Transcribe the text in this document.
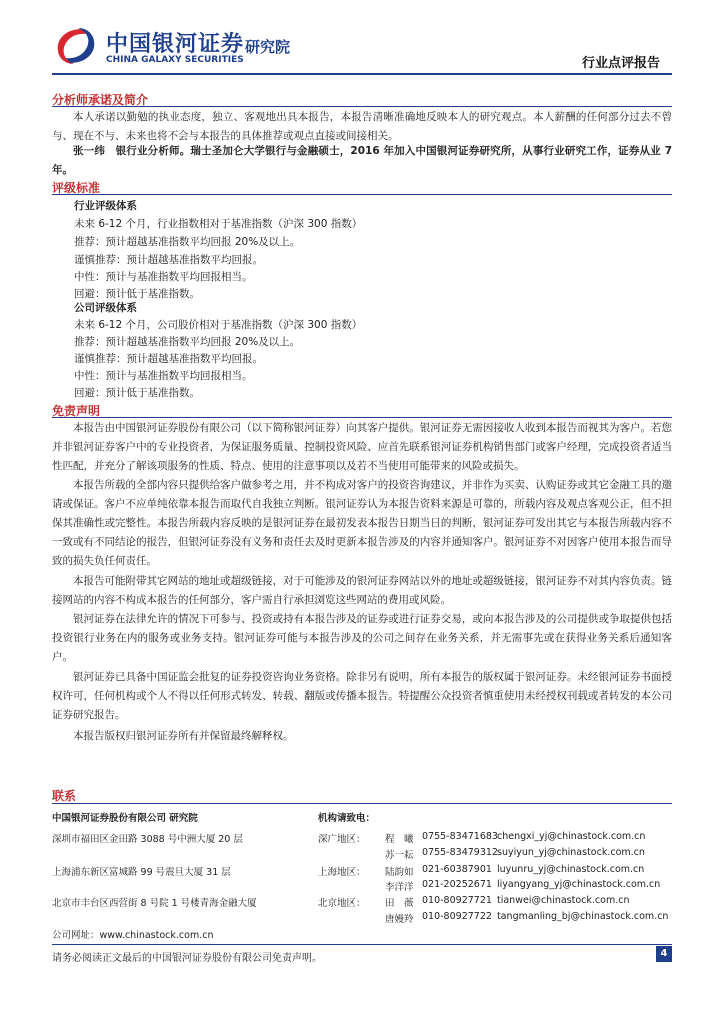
中国银河证券
CHINA GALAXY SECURITIES
研究院
行业点评报告
分析师承诺及简介
本人承诺以勤勉的执业态度，独立、客观地出具本报告，本报告清晰准确地反映本人的研究观点。本人薪酬的任何部分过去不曾与、现在不与、未来也将不会与本报告的具体推荐或观点直接或间接相关。
张一纬　银行业分析师。瑞士圣加仑大学银行与金融硕士，2016 年加入中国银河证券研究所，从事行业研究工作，证券从业 7 年。
评级标准
行业评级体系
未来 6-12 个月，行业指数相对于基准指数（沪深 300 指数）
推荐：预计超越基准指数平均回报 20%及以上。
谨慎推荐：预计超越基准指数平均回报。
中性：预计与基准指数平均回报相当。
回避：预计低于基准指数。
公司评级体系
未来 6-12 个月，公司股价相对于基准指数（沪深 300 指数）
推荐：预计超越基准指数平均回报 20%及以上。
谨慎推荐：预计超越基准指数平均回报。
中性：预计与基准指数平均回报相当。
回避：预计低于基准指数。
免责声明
本报告由中国银河证券股份有限公司（以下简称银河证券）向其客户提供。银河证券无需因接收人收到本报告而视其为客户。若您并非银河证券客户中的专业投资者，为保证服务质量、控制投资风险、应首先联系银河证券机构销售部门或客户经理，完成投资者适当性匹配，并充分了解该项服务的性质、特点、使用的注意事项以及若不当使用可能带来的风险或损失。
本报告所载的全部内容只提供给客户做参考之用，并不构成对客户的投资咨询建议，并非作为买卖、认购证券或其它金融工具的邀请或保证。客户不应单纯依靠本报告而取代自我独立判断。银河证券认为本报告资料来源是可靠的，所载内容及观点客观公正，但不担保其准确性或完整性。本报告所载内容反映的是银河证券在最初发表本报告日期当日的判断，银河证券可发出其它与本报告所载内容不一致或有不同结论的报告，但银河证券没有义务和责任去及时更新本报告涉及的内容并通知客户。银河证券不对因客户使用本报告而导致的损失负任何责任。
本报告可能附带其它网站的地址或超级链接，对于可能涉及的银河证券网站以外的地址或超级链接，银河证券不对其内容负责。链接网站的内容不构成本报告的任何部分，客户需自行承担浏览这些网站的费用或风险。
银河证券在法律允许的情况下可参与、投资或持有本报告涉及的证券或进行证券交易，或向本报告涉及的公司提供或争取提供包括投资银行业务在内的服务或业务支持。银河证券可能与本报告涉及的公司之间存在业务关系，并无需事先或在获得业务关系后通知客户。
银河证券已具备中国证监会批复的证券投资咨询业务资格。除非另有说明，所有本报告的版权属于银河证券。未经银河证券书面授权许可，任何机构或个人不得以任何形式转发、转载、翻版或传播本报告。特提醒公众投资者慎重使用未经授权刊载或者转发的本公司证券研究报告。
本报告版权归银河证券所有并保留最终解释权。
联系
中国银河证券股份有限公司 研究院	机构请致电：
深圳市福田区金田路 3088 号中洲大厦 20 层
上海浦东新区富城路 99 号震旦大厦 31 层
北京市丰台区西营街 8 号院 1 号楼青海金融大厦
深广地区：
上海地区：
北京地区：
程　曦 0755-83471683 chengxi_yj@chinastock.com.cn
苏一耘 0755-83479312 suyiyun_yj@chinastock.com.cn
陆韵如 021-60387901 luyunru_yj@chinastock.com.cn
李洋洋 021-20252671 liyangyang_yj@chinastock.com.cn
田　薇 010-80927721 tianwei@chinastock.com.cn
唐嫚羚 010-80927722 tangmanling_bj@chinastock.com.cn
公司网址：www.chinastock.com.cn
请务必阅读正文最后的中国银河证券股份有限公司免责声明。	4
